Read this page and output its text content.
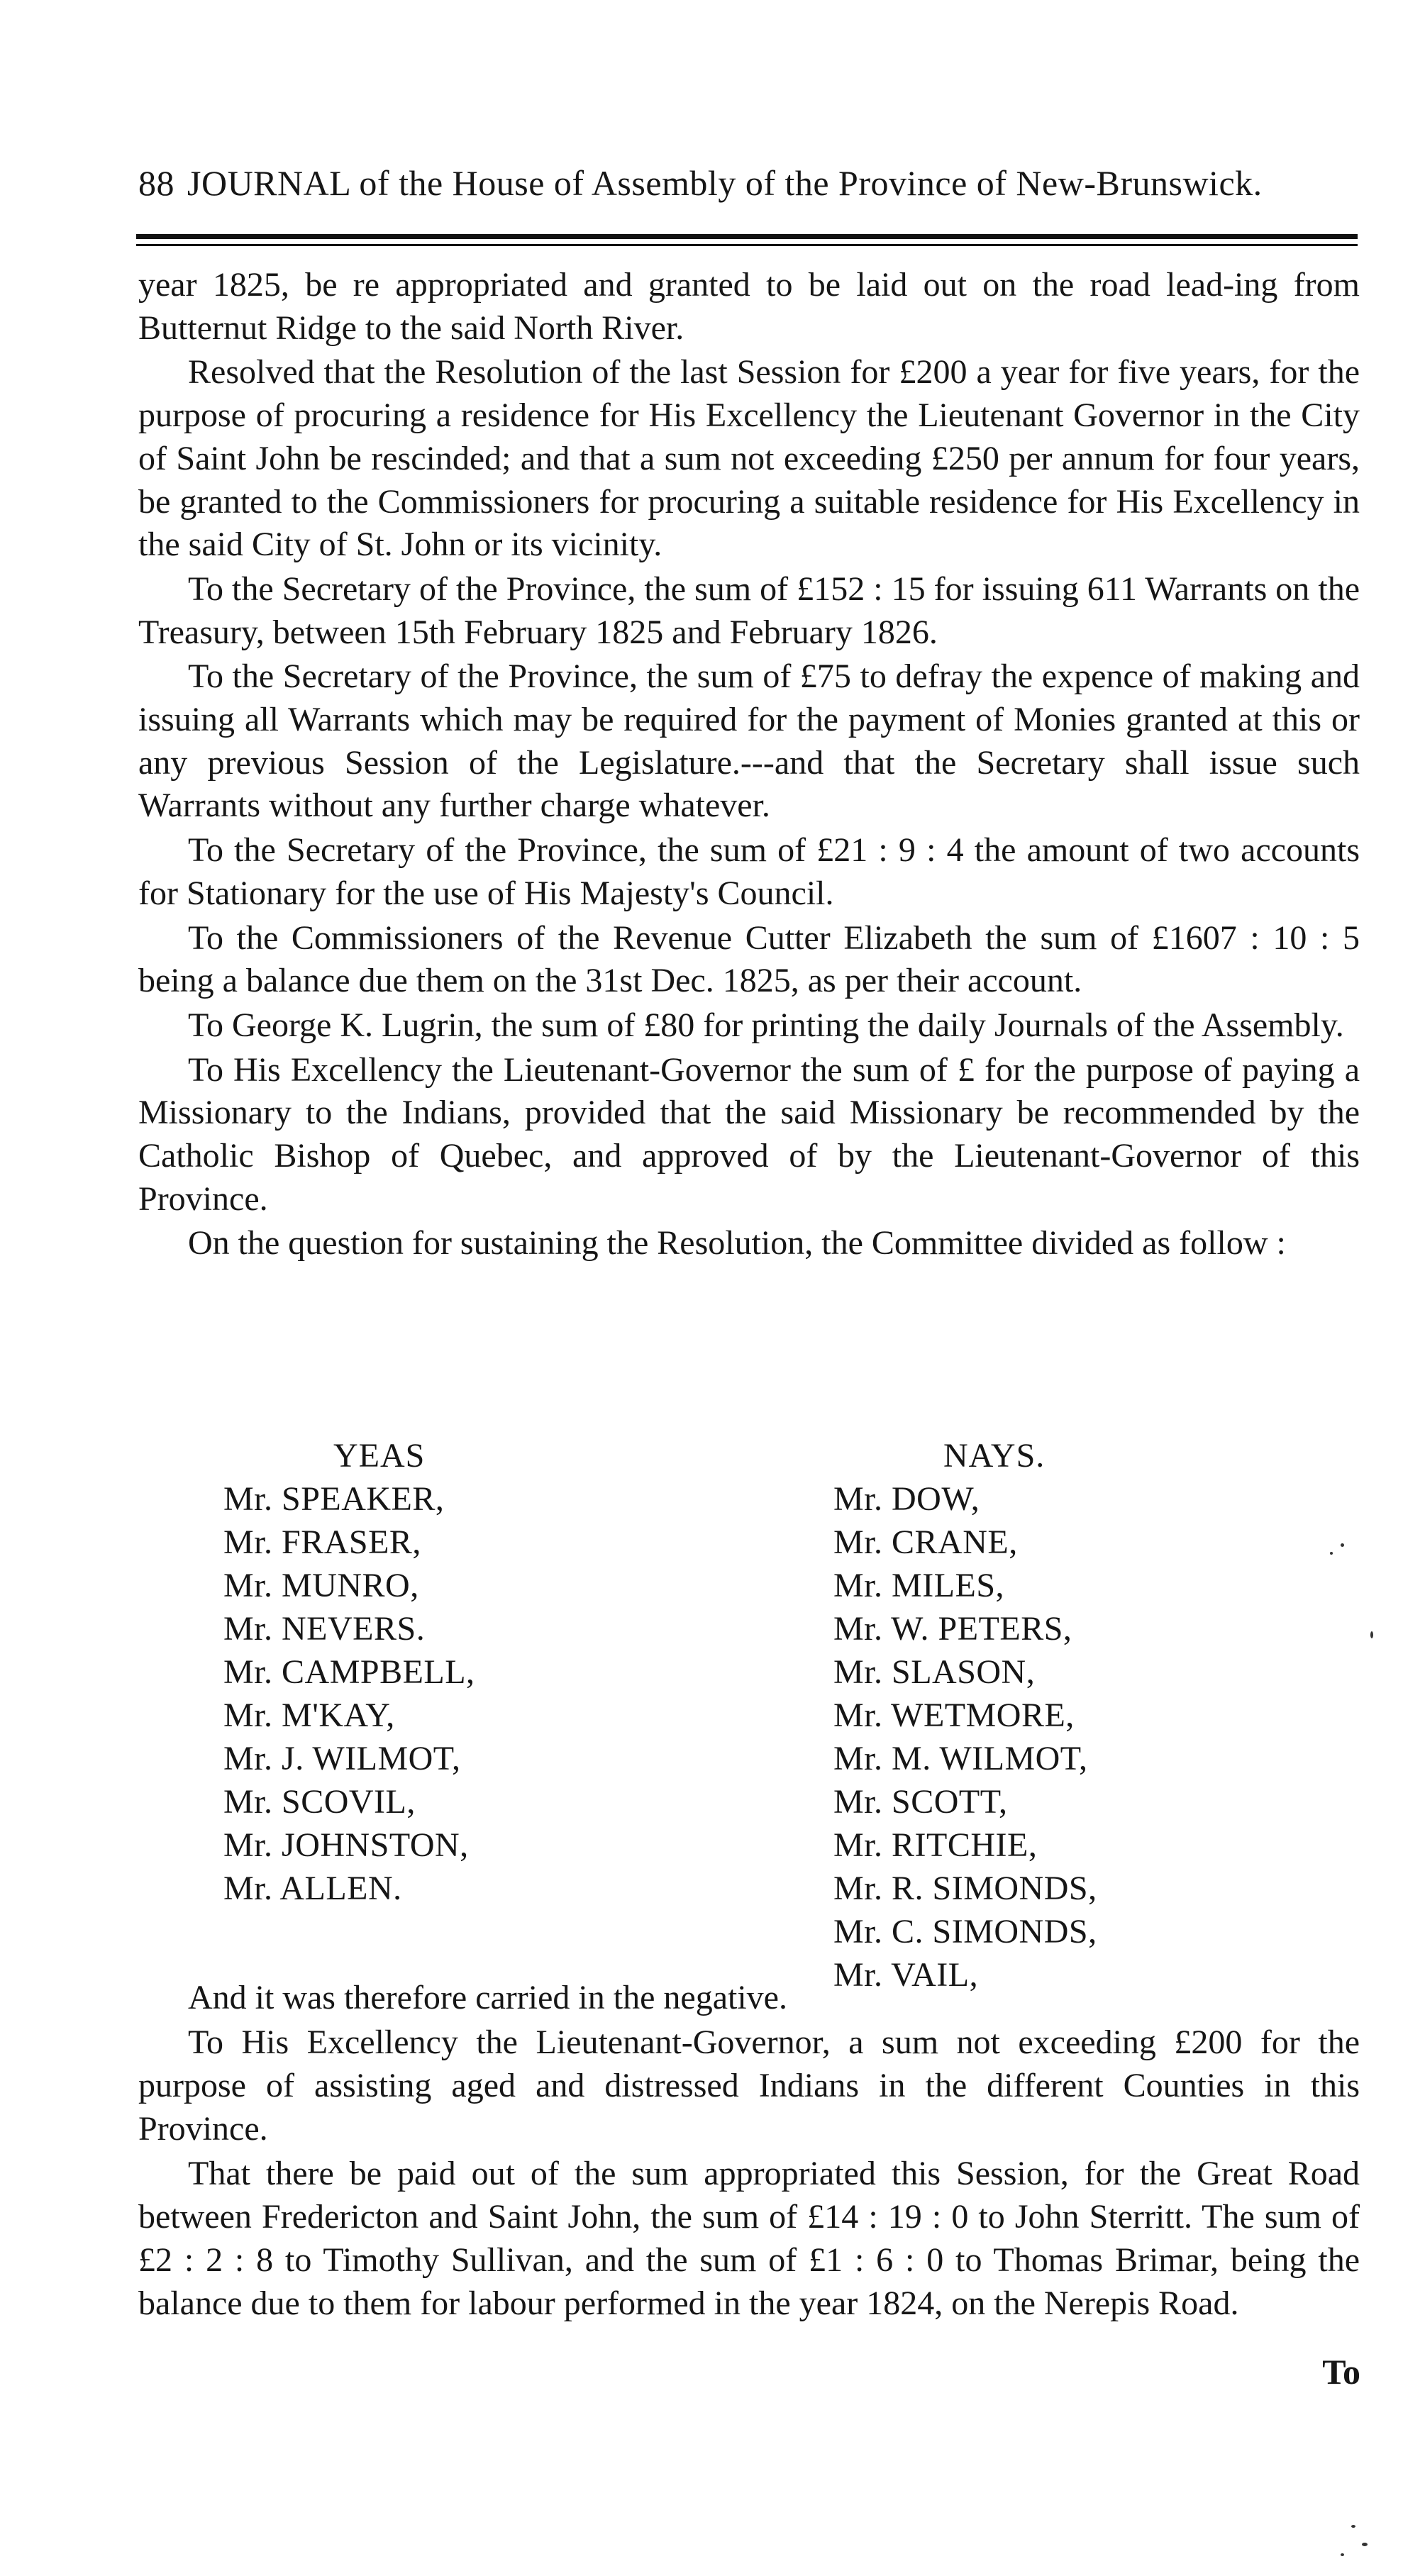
88 JOURNAL of the House of Assembly of the Province of New-Brunswick.

year 1825, be re appropriated and granted to be laid out on the road lead-ing from Butternut Ridge to the said North River.

Resolved that the Resolution of the last Session for £200 a year for five years, for the purpose of procuring a residence for His Excellency the Lieutenant Governor in the City of Saint John be rescinded; and that a sum not exceeding £250 per annum for four years, be granted to the Commissioners for procuring a suitable residence for His Excellency in the said City of St. John or its vicinity.

To the Secretary of the Province, the sum of £152 : 15 for issuing 611 Warrants on the Treasury, between 15th February 1825 and February 1826.

To the Secretary of the Province, the sum of £75 to defray the expence of making and issuing all Warrants which may be required for the payment of Monies granted at this or any previous Session of the Legislature.---and that the Secretary shall issue such Warrants without any further charge whatever.

To the Secretary of the Province, the sum of £21 : 9 : 4 the amount of two accounts for Stationary for the use of His Majesty's Council.

To the Commissioners of the Revenue Cutter Elizabeth the sum of £1607 : 10 : 5 being a balance due them on the 31st Dec. 1825, as per their account.

To George K. Lugrin, the sum of £80 for printing the daily Journals of the Assembly.

To His Excellency the Lieutenant-Governor the sum of £ for the purpose of paying a Missionary to the Indians, provided that the said Missionary be recommended by the Catholic Bishop of Quebec, and approved of by the Lieutenant-Governor of this Province.

On the question for sustaining the Resolution, the Committee divided as follow :

YEAS
Mr. SPEAKER,
Mr. FRASER,
Mr. MUNRO,
Mr. NEVERS.
Mr. CAMPBELL,
Mr. M'KAY,
Mr. J. WILMOT,
Mr. SCOVIL,
Mr. JOHNSTON,
Mr. ALLEN.
NAYS.
Mr. DOW,
Mr. CRANE,
Mr. MILES,
Mr. W. PETERS,
Mr. SLASON,
Mr. WETMORE,
Mr. M. WILMOT,
Mr. SCOTT,
Mr. RITCHIE,
Mr. R. SIMONDS,
Mr. C. SIMONDS,
Mr. VAIL,

And it was therefore carried in the negative.

To His Excellency the Lieutenant-Governor, a sum not exceeding £200 for the purpose of assisting aged and distressed Indians in the different Counties in this Province.

That there be paid out of the sum appropriated this Session, for the Great Road between Fredericton and Saint John, the sum of £14 : 19 : 0 to John Sterritt. The sum of £2 : 2 : 8 to Timothy Sullivan, and the sum of £1 : 6 : 0 to Thomas Brimar, being the balance due to them for labour performed in the year 1824, on the Nerepis Road.

To
